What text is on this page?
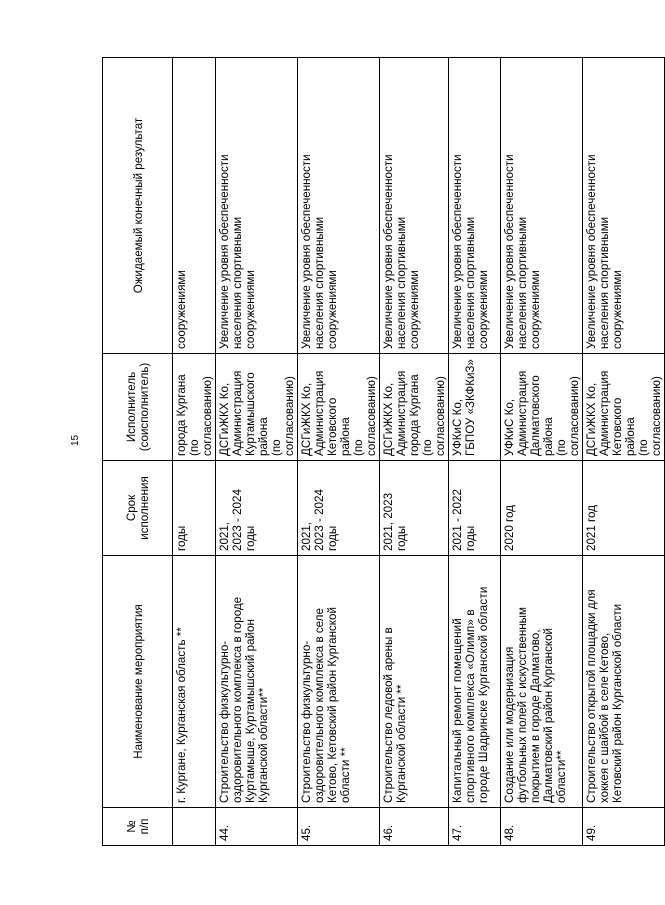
15
№
п/п	Наименование мероприятия	Срок
исполнения	Исполнитель
(соисполнитель)	Ожидаемый конечный результат
	г. Кургане, Курганская область **	годы	города Кургана
(по согласованию)	сооружениями
44.	Строительство физкультурно-
оздоровительного комплекса в городе
Куртамыше, Куртамышский район
Курганской области**	2021,
2023 - 2024
годы	ДСГиЖКХ Ко,
Администрация
Куртамышского
района
(по согласованию)	Увеличение уровня обеспеченности
населения спортивными
сооружениями
45.	Строительство физкультурно-
оздоровительного комплекса в селе
Кетово, Кетовский район Курганской
области **	2021,
2023 - 2024
годы	ДСГиЖКХ Ко,
Администрация
Кетовского района
(по согласованию)	Увеличение уровня обеспеченности
населения спортивными
сооружениями
46.	Строительство ледовой арены в
Курганской области **	2021, 2023
годы	ДСГиЖКХ Ко,
Администрация
города Кургана
(по согласованию)	Увеличение уровня обеспеченности
населения спортивными
сооружениями
47.	Капитальный ремонт помещений
спортивного комплекса «Олимп» в
городе Шадринске Курганской области	2021 - 2022
годы	УФКиС Ко,
ГБПОУ «ЗКФКиЗ»	Увеличение уровня обеспеченности
населения спортивными
сооружениями
48.	Создание или модернизация
футбольных полей с искусственным
покрытием в городе Далматово,
Далматовский район Курганской
области**	2020 год	УФКиС Ко,
Администрация
Далматовского
района
(по согласованию)	Увеличение уровня обеспеченности
населения спортивными
сооружениями
49.	Строительство открытой площадки для
хоккея с шайбой в селе Кетово,
Кетовский район Курганской области	2021 год	ДСГиЖКХ Ко,
Администрация
Кетовского района
(по согласованию)	Увеличение уровня обеспеченности
населения спортивными
сооружениями
